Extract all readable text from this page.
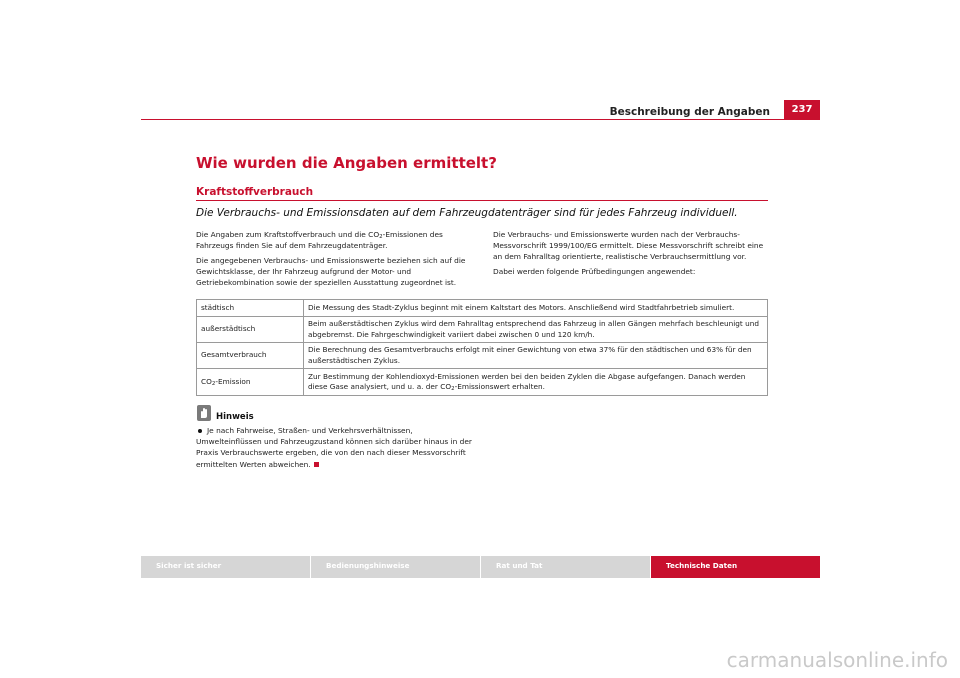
Beschreibung der Angaben	237
Wie wurden die Angaben ermittelt?
Kraftstoffverbrauch
Die Verbrauchs- und Emissionsdaten auf dem Fahrzeugdatenträger sind für jedes Fahrzeug individuell.

Die Angaben zum Kraftstoffverbrauch und die $CO_2$-Emissionen des Fahrzeugs finden Sie auf dem Fahrzeugdatenträger.

Die angegebenen Verbrauchs- und Emissionswerte beziehen sich auf die Gewichtsklasse, der Ihr Fahrzeug aufgrund der Motor- und Getriebekombination sowie der speziellen Ausstattung zugeordnet ist.

Die Verbrauchs- und Emissionswerte wurden nach der Verbrauchs-Messvorschrift 1999/100/EG ermittelt. Diese Messvorschrift schreibt eine an dem Fahralltag orientierte, realistische Verbrauchsermittlung vor.

Dabei werden folgende Prüfbedingungen angewendet:

städtisch	Die Messung des Stadt-Zyklus beginnt mit einem Kaltstart des Motors. Anschließend wird Stadtfahrbetrieb simuliert.
außerstädtisch	Beim außerstädtischen Zyklus wird dem Fahralltag entsprechend das Fahrzeug in allen Gängen mehrfach beschleunigt und abgebremst. Die Fahrgeschwindigkeit variiert dabei zwischen 0 und 120 km/h.
Gesamtverbrauch	Die Berechnung des Gesamtverbrauchs erfolgt mit einer Gewichtung von etwa 37% für den städtischen und 63% für den außerstädtischen Zyklus.
$CO_2$-Emission	Zur Bestimmung der Kohlendioxyd-Emissionen werden bei den beiden Zyklen die Abgase aufgefangen. Danach werden diese Gase analysiert, und u. a. der $CO_2$-Emissionswert erhalten.
Hinweis
Je nach Fahrweise, Straßen- und Verkehrsverhältnissen, Umwelteinflüssen und Fahrzeugzustand können sich darüber hinaus in der Praxis Verbrauchswerte ergeben, die von den nach dieser Messvorschrift ermittelten Werten abweichen.
Sicher ist sicher	Bedienungshinweise	Rat und Tat	Technische Daten
carmanualsonline.info
